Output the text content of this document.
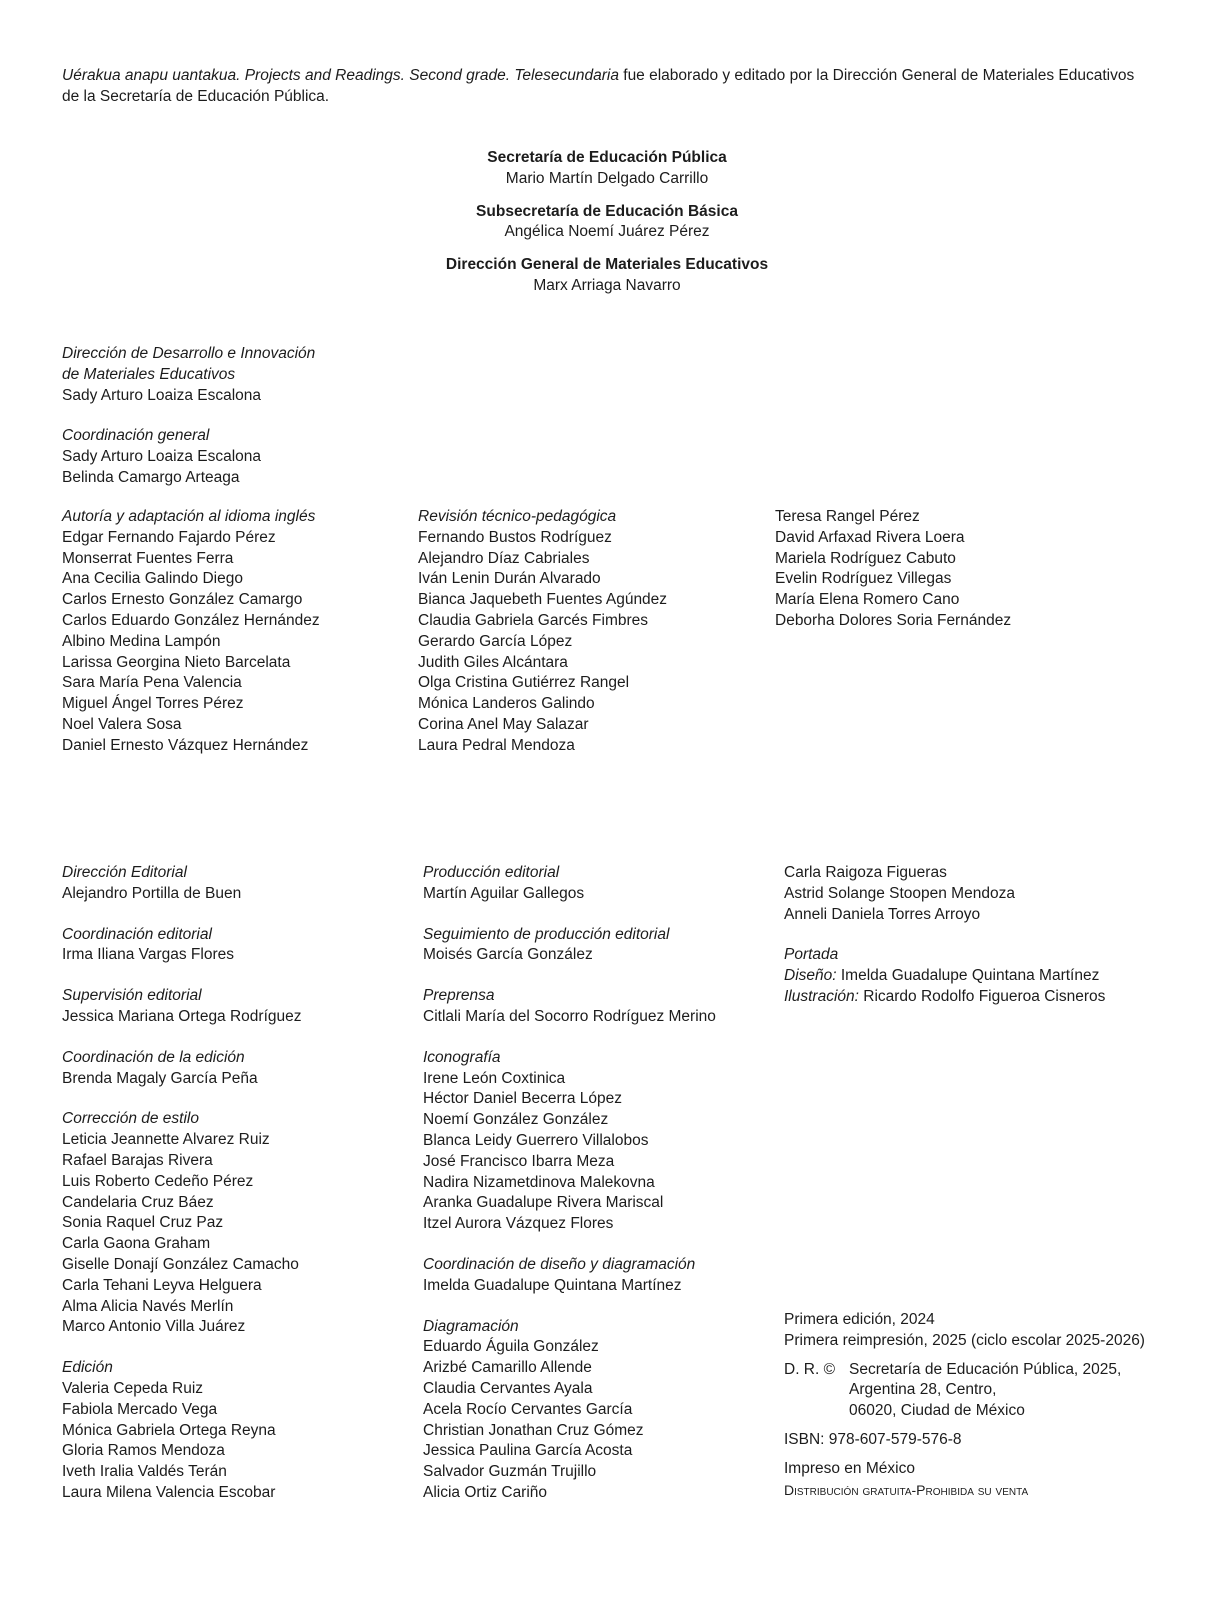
Uérakua anapu uantakua. Projects and Readings. Second grade. Telesecundaria fue elaborado y editado por la Dirección General de Materiales Educativos de la Secretaría de Educación Pública.
Secretaría de Educación Pública
Mario Martín Delgado Carrillo
Subsecretaría de Educación Básica
Angélica Noemí Juárez Pérez
Dirección General de Materiales Educativos
Marx Arriaga Navarro
Dirección de Desarrollo e Innovación
de Materiales Educativos
Sady Arturo Loaiza Escalona
Coordinación general
Sady Arturo Loaiza Escalona
Belinda Camargo Arteaga
Autoría y adaptación al idioma inglés
Edgar Fernando Fajardo Pérez
Monserrat Fuentes Ferra
Ana Cecilia Galindo Diego
Carlos Ernesto González Camargo
Carlos Eduardo González Hernández
Albino Medina Lampón
Larissa Georgina Nieto Barcelata
Sara María Pena Valencia
Miguel Ángel Torres Pérez
Noel Valera Sosa
Daniel Ernesto Vázquez Hernández
Revisión técnico-pedagógica
Fernando Bustos Rodríguez
Alejandro Díaz Cabriales
Iván Lenin Durán Alvarado
Bianca Jaquebeth Fuentes Agúndez
Claudia Gabriela Garcés Fimbres
Gerardo García López
Judith Giles Alcántara
Olga Cristina Gutiérrez Rangel
Mónica Landeros Galindo
Corina Anel May Salazar
Laura Pedral Mendoza
Teresa Rangel Pérez
David Arfaxad Rivera Loera
Mariela Rodríguez Cabuto
Evelin Rodríguez Villegas
María Elena Romero Cano
Deborha Dolores Soria Fernández
Dirección Editorial
Alejandro Portilla de Buen
Coordinación editorial
Irma Iliana Vargas Flores
Supervisión editorial
Jessica Mariana Ortega Rodríguez
Coordinación de la edición
Brenda Magaly García Peña
Corrección de estilo
Leticia Jeannette Alvarez Ruiz
Rafael Barajas Rivera
Luis Roberto Cedeño Pérez
Candelaria Cruz Báez
Sonia Raquel Cruz Paz
Carla Gaona Graham
Giselle Donají González Camacho
Carla Tehani Leyva Helguera
Alma Alicia Navés Merlín
Marco Antonio Villa Juárez
Edición
Valeria Cepeda Ruiz
Fabiola Mercado Vega
Mónica Gabriela Ortega Reyna
Gloria Ramos Mendoza
Iveth Iralia Valdés Terán
Laura Milena Valencia Escobar
Producción editorial
Martín Aguilar Gallegos
Seguimiento de producción editorial
Moisés García González
Preprensa
Citlali María del Socorro Rodríguez Merino
Iconografía
Irene León Coxtinica
Héctor Daniel Becerra López
Noemí González González
Blanca Leidy Guerrero Villalobos
José Francisco Ibarra Meza
Nadira Nizametdinova Malekovna
Aranka Guadalupe Rivera Mariscal
Itzel Aurora Vázquez Flores
Coordinación de diseño y diagramación
Imelda Guadalupe Quintana Martínez
Diagramación
Eduardo Águila González
Arizbé Camarillo Allende
Claudia Cervantes Ayala
Acela Rocío Cervantes García
Christian Jonathan Cruz Gómez
Jessica Paulina García Acosta
Salvador Guzmán Trujillo
Alicia Ortiz Cariño
Carla Raigoza Figueras
Astrid Solange Stoopen Mendoza
Anneli Daniela Torres Arroyo
Portada
Diseño: Imelda Guadalupe Quintana Martínez
Ilustración: Ricardo Rodolfo Figueroa Cisneros
Primera edición, 2024
Primera reimpresión, 2025 (ciclo escolar 2025-2026)
D. R. © Secretaría de Educación Pública, 2025,
Argentina 28, Centro,
06020, Ciudad de México
ISBN: 978-607-579-576-8
Impreso en México
Distribución gratuita-Prohibida su venta
